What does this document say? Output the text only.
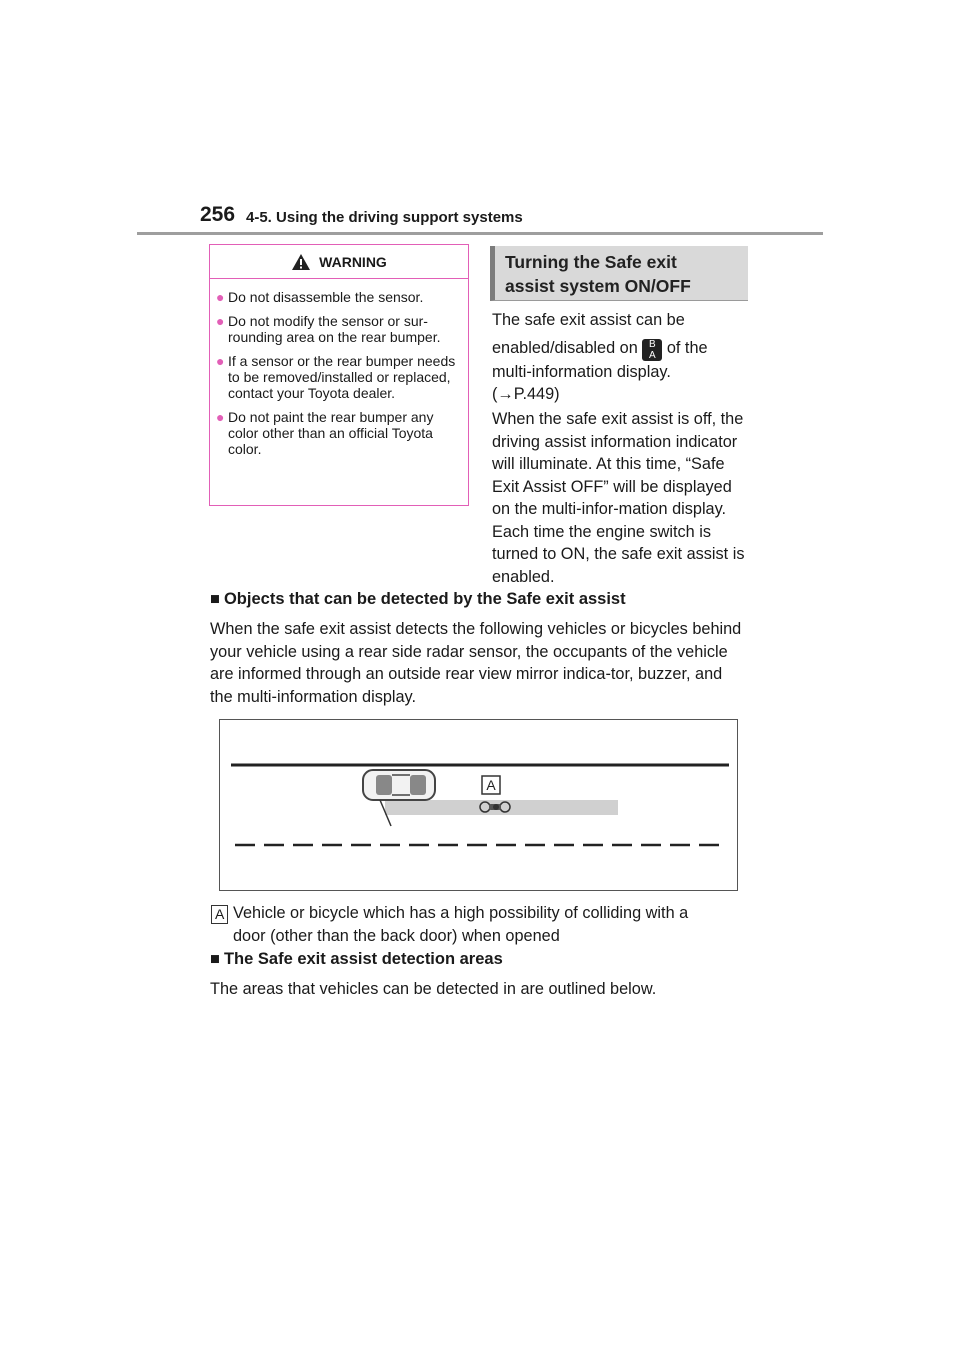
256 4-5. Using the driving support systems
WARNING
● Do not disassemble the sensor.
● Do not modify the sensor or sur-rounding area on the rear bumper.
● If a sensor or the rear bumper needs to be removed/installed or replaced, contact your Toyota dealer.
● Do not paint the rear bumper any color other than an official Toyota color.
Turning the Safe exit
assist system ON/OFF

The safe exit assist can be

enabled/disabled on B
A of the

multi-information display.

(→P.449)

When the safe exit assist is off, the driving assist information indicator will illuminate. At this time, “Safe Exit Assist OFF” will be displayed on the multi-infor-mation display. Each time the engine switch is turned to ON, the safe exit assist is enabled.
■ Objects that can be detected by the Safe exit assist
When the safe exit assist detects the following vehicles or bicycles behind your vehicle using a rear side radar sensor, the occupants of the vehicle are informed through an outside rear view mirror indica-tor, buzzer, and the multi-information display.
A
A Vehicle or bicycle which has a high possibility of colliding with a
door (other than the back door) when opened
■ The Safe exit assist detection areas
The areas that vehicles can be detected in are outlined below.
